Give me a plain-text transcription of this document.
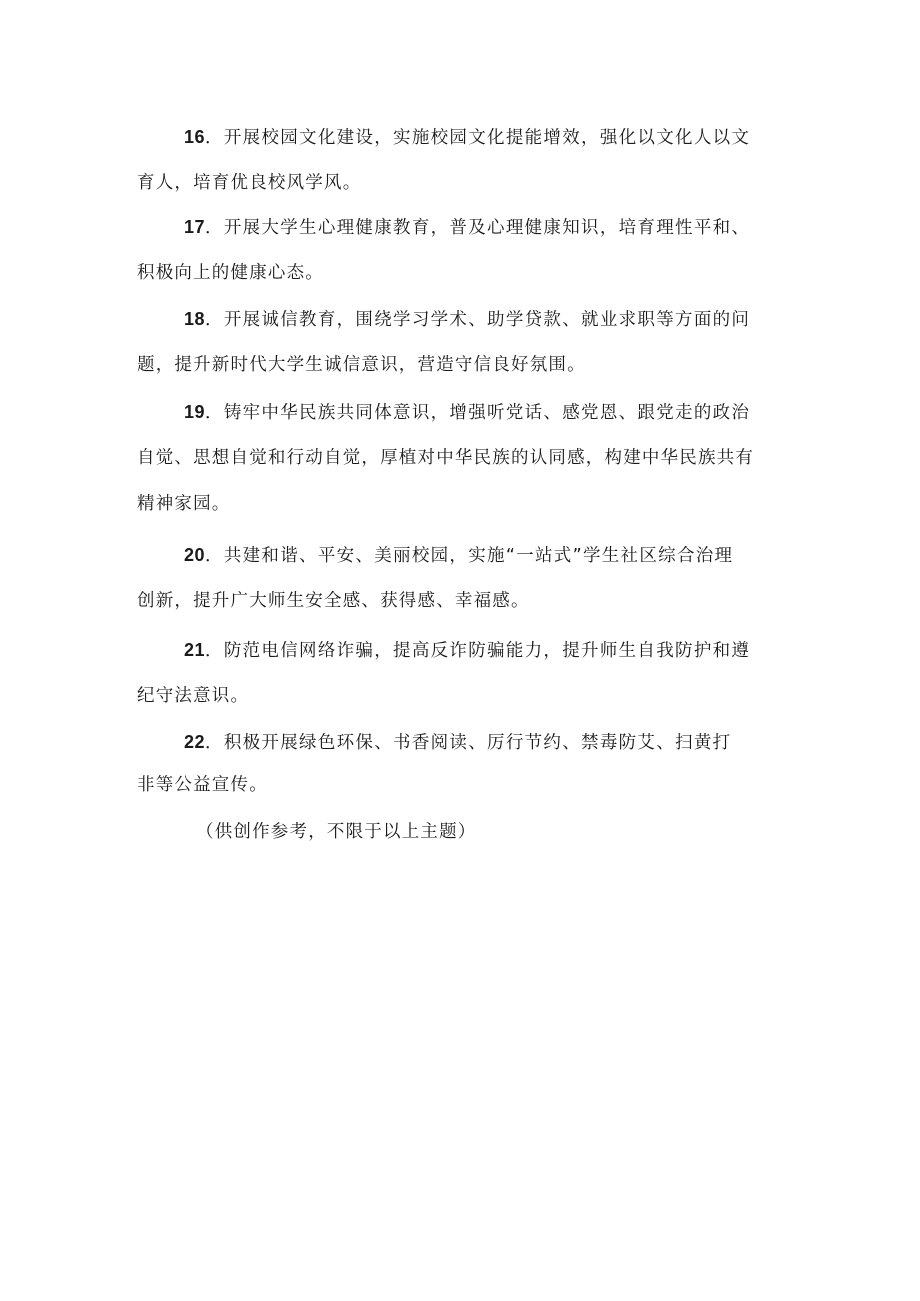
16．开展校园文化建设，实施校园文化提能增效，强化以文化人以文
育人，培育优良校风学风。
17．开展大学生心理健康教育，普及心理健康知识，培育理性平和、
积极向上的健康心态。
18．开展诚信教育，围绕学习学术、助学贷款、就业求职等方面的问
题，提升新时代大学生诚信意识，营造守信良好氛围。
19．铸牢中华民族共同体意识，增强听党话、感党恩、跟党走的政治
自觉、思想自觉和行动自觉，厚植对中华民族的认同感，构建中华民族共有
精神家园。
20．共建和谐、平安、美丽校园，实施“一站式”学生社区综合治理
创新，提升广大师生安全感、获得感、幸福感。
21．防范电信网络诈骗，提高反诈防骗能力，提升师生自我防护和遵
纪守法意识。
22．积极开展绿色环保、书香阅读、厉行节约、禁毒防艾、扫黄打
非等公益宣传。
（供创作参考，不限于以上主题）
